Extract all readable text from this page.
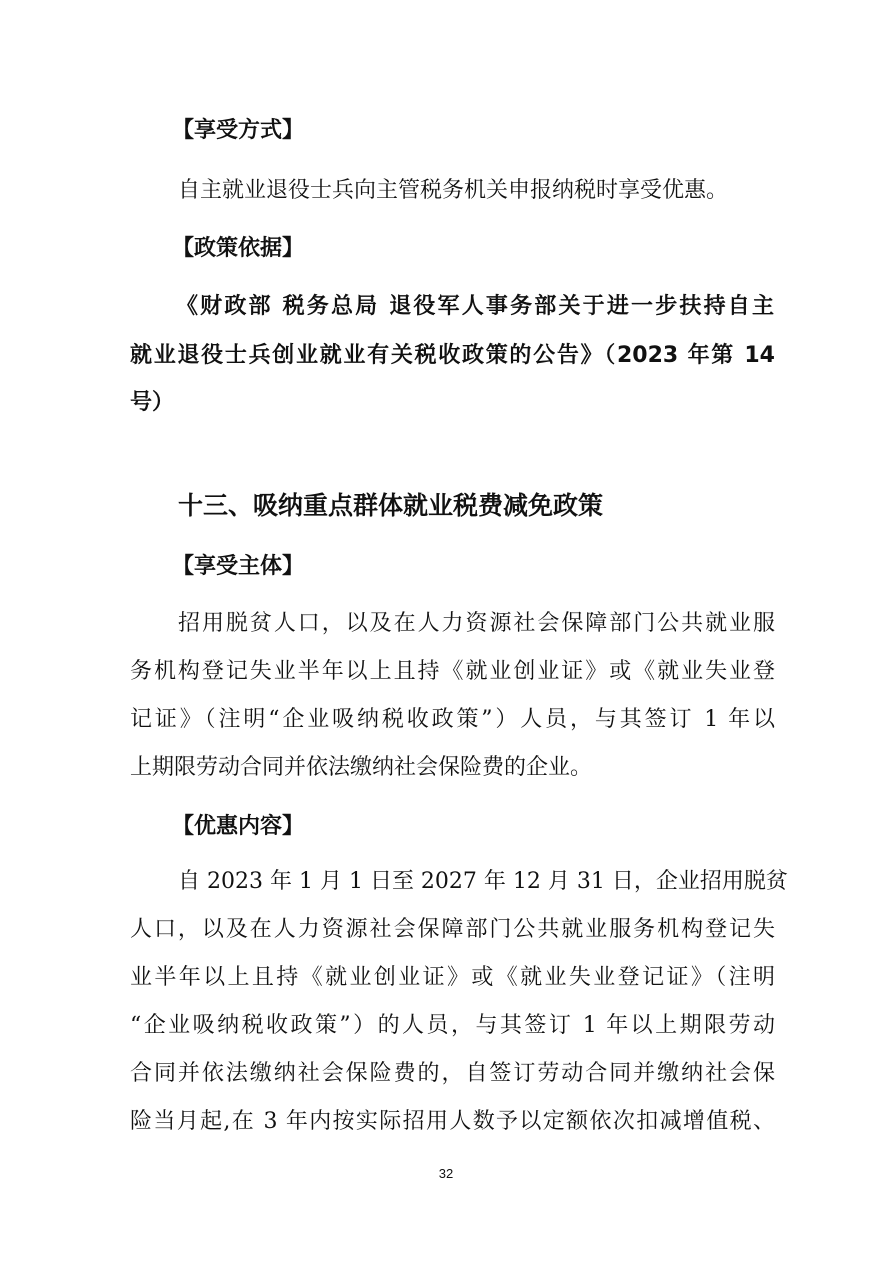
【享受方式】
自主就业退役士兵向主管税务机关申报纳税时享受优惠。
【政策依据】
《财政部 税务总局 退役军人事务部关于进一步扶持自主
就业退役士兵创业就业有关税收政策的公告》（2023 年第 14
号）
十三、吸纳重点群体就业税费减免政策
【享受主体】
招用脱贫人口，以及在人力资源社会保障部门公共就业服
务机构登记失业半年以上且持《就业创业证》或《就业失业登
记证》（注明“企业吸纳税收政策”）人员，与其签订 1 年以
上期限劳动合同并依法缴纳社会保险费的企业。
【优惠内容】
自 2023 年 1 月 1 日至 2027 年 12 月 31 日，企业招用脱贫
人口，以及在人力资源社会保障部门公共就业服务机构登记失
业半年以上且持《就业创业证》或《就业失业登记证》（注明
“企业吸纳税收政策”）的人员，与其签订 1 年以上期限劳动
合同并依法缴纳社会保险费的，自签订劳动合同并缴纳社会保
险当月起,在 3 年内按实际招用人数予以定额依次扣减增值税、
32
